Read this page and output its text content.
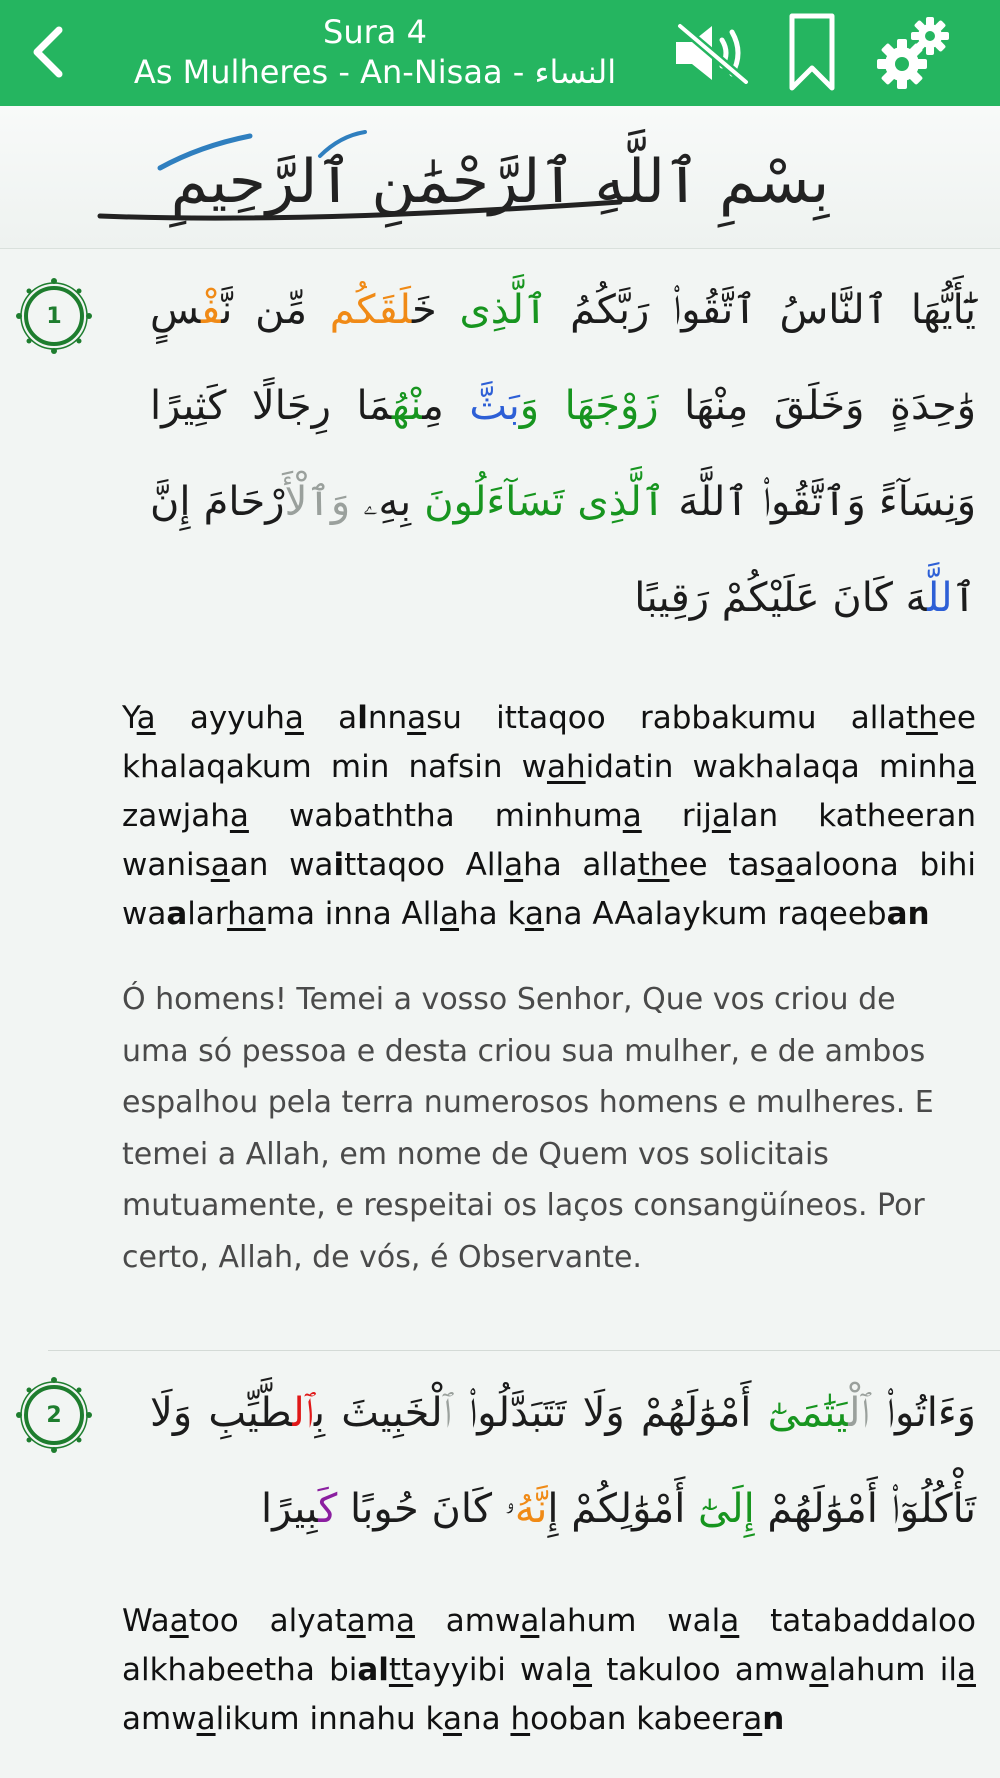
Sura 4
As Mulheres - An-Nisaa - النساء
بِسْمِ ٱللَّهِ ٱلرَّحْمَٰنِ ٱلرَّحِيمِ
1	يَٰٓأَيُّهَا ٱلنَّاسُ ٱتَّقُوا۟ رَبَّكُمُ ٱلَّذِى خَلَقَكُم مِّن نَّفْسٍ وَٰحِدَةٍ وَخَلَقَ مِنْهَا زَوْجَهَا وَبَثَّ مِنْهُمَا رِجَالًا كَثِيرًا وَنِسَآءً وَٱتَّقُوا۟ ٱللَّهَ ٱلَّذِى تَسَآءَلُونَ بِهِۦ وَٱلْأَرْحَامَ إِنَّ ٱللَّهَ كَانَ عَلَيْكُمْ رَقِيبًا
Ya ayyuha alnnasu ittaqoo rabbakumu allathee khalaqakum min nafsin wahidatin wakhalaqa minha zawjaha wabaththa minhuma rijalan katheeran wanisaan waittaqoo Allaha allathee tasaaloona bihi waalarhama inna Allaha kana AAalaykum raqeeban
Ó homens! Temei a vosso Senhor, Que vos criou de uma só pessoa e desta criou sua mulher, e de ambos espalhou pela terra numerosos homens e mulheres. E temei a Allah, em nome de Quem vos solicitais mutuamente, e respeitai os laços consangüíneos. Por certo, Allah, de vós, é Observante.
2	وَءَاتُوا۟ ٱلْيَتَٰمَىٰٓ أَمْوَٰلَهُمْ وَلَا تَتَبَدَّلُوا۟ ٱلْخَبِيثَ بِٱلطَّيِّبِ وَلَا تَأْكُلُوٓا۟ أَمْوَٰلَهُمْ إِلَىٰٓ أَمْوَٰلِكُمْ إِنَّهُۥ كَانَ حُوبًا كَبِيرًا
Waatoo alyatama amwalahum wala tatabaddaloo alkhabeetha bialttayyibi wala takuloo amwalahum ila amwalikum innahu kana hooban kabeeran
